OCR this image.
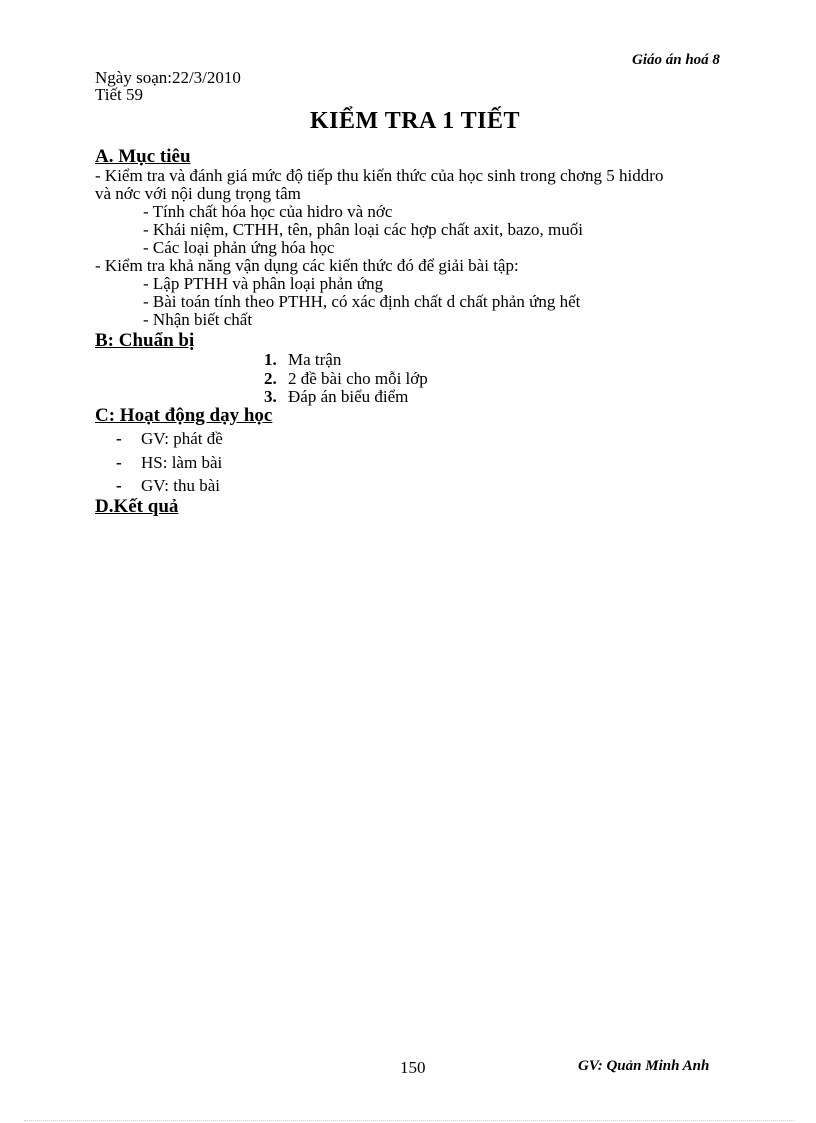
Giáo án hoá 8
Ngày soạn:22/3/2010
Tiết 59
KIỂM TRA 1 TIẾT
A. Mục tiêu
- Kiểm tra và đánh giá mức độ tiếp thu kiến thức của học sinh trong chơng 5 hiddro
và nớc với nội dung trọng tâm
- Tính chất hóa học của hidro và nớc
- Khái niệm, CTHH, tên, phân loại các hợp chất axit, bazo, muối
- Các loại phản ứng hóa học
- Kiểm tra khả năng vận dụng các kiến thức đó để giải bài tập:
- Lập PTHH và phân loại phản ứng
- Bài toán tính theo PTHH, có xác định chất d chất phản ứng hết
- Nhận biết chất
B: Chuẩn bị
1. Ma trận
2. 2 đề bài cho mỗi lớp
3. Đáp án biểu điểm
C: Hoạt động dạy học
- GV: phát đề
- HS: làm bài
- GV: thu bài
D.Kết quả
150	GV: Quản Minh Anh
